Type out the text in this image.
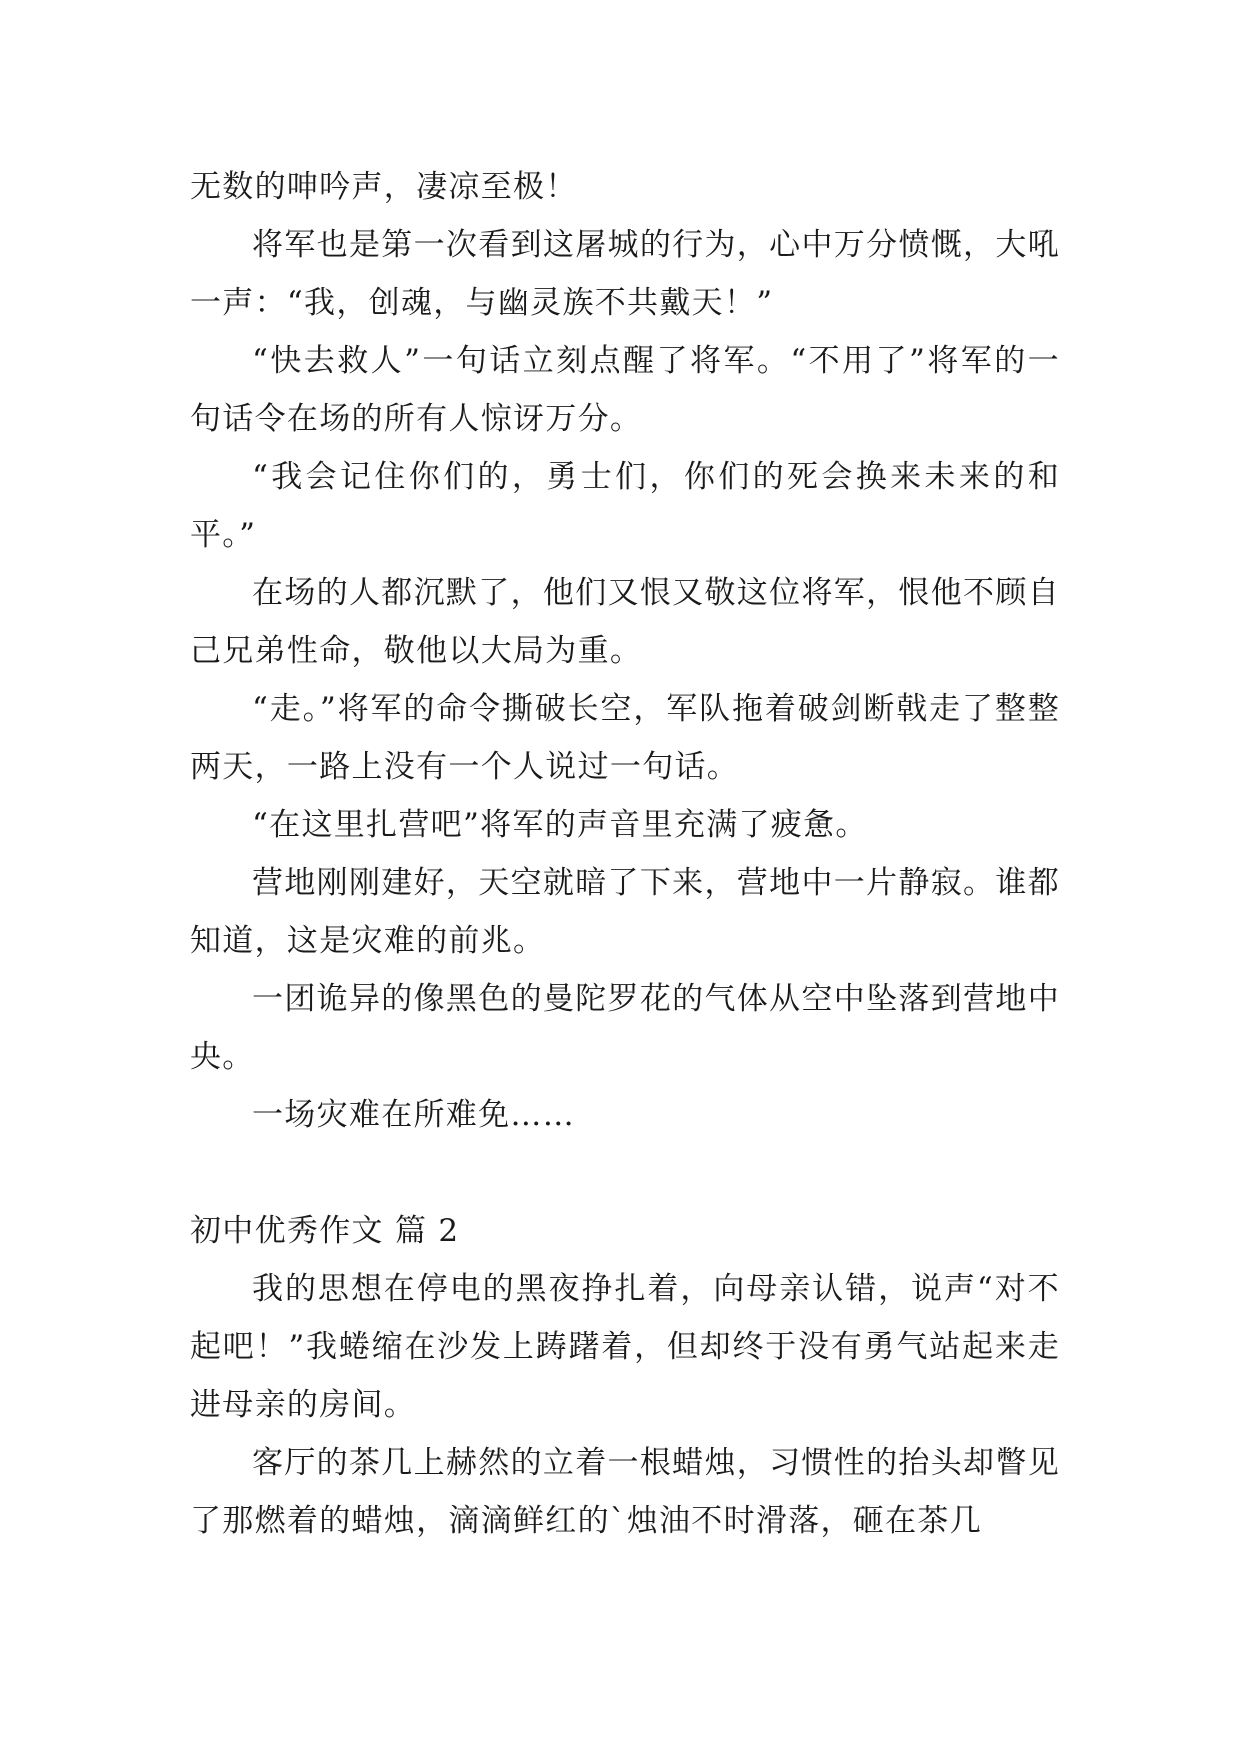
无数的呻吟声，凄凉至极！

将军也是第一次看到这屠城的行为，心中万分愤慨，大吼一声：“我，创魂，与幽灵族不共戴天！”

“快去救人”一句话立刻点醒了将军。“不用了”将军的一句话令在场的所有人惊讶万分。

“我会记住你们的，勇士们，你们的死会换来未来的和平。”

在场的人都沉默了，他们又恨又敬这位将军，恨他不顾自己兄弟性命，敬他以大局为重。

“走。”将军的命令撕破长空，军队拖着破剑断戟走了整整两天，一路上没有一个人说过一句话。

“在这里扎营吧”将军的声音里充满了疲惫。

营地刚刚建好，天空就暗了下来，营地中一片静寂。谁都知道，这是灾难的前兆。

一团诡异的像黑色的曼陀罗花的气体从空中坠落到营地中央。

一场灾难在所难免……

初中优秀作文 篇 2

我的思想在停电的黑夜挣扎着，向母亲认错，说声“对不起吧！”我蜷缩在沙发上踌躇着，但却终于没有勇气站起来走进母亲的房间。

客厅的茶几上赫然的立着一根蜡烛，习惯性的抬头却瞥见了那燃着的蜡烛，滴滴鲜红的`烛油不时滑落，砸在茶几
